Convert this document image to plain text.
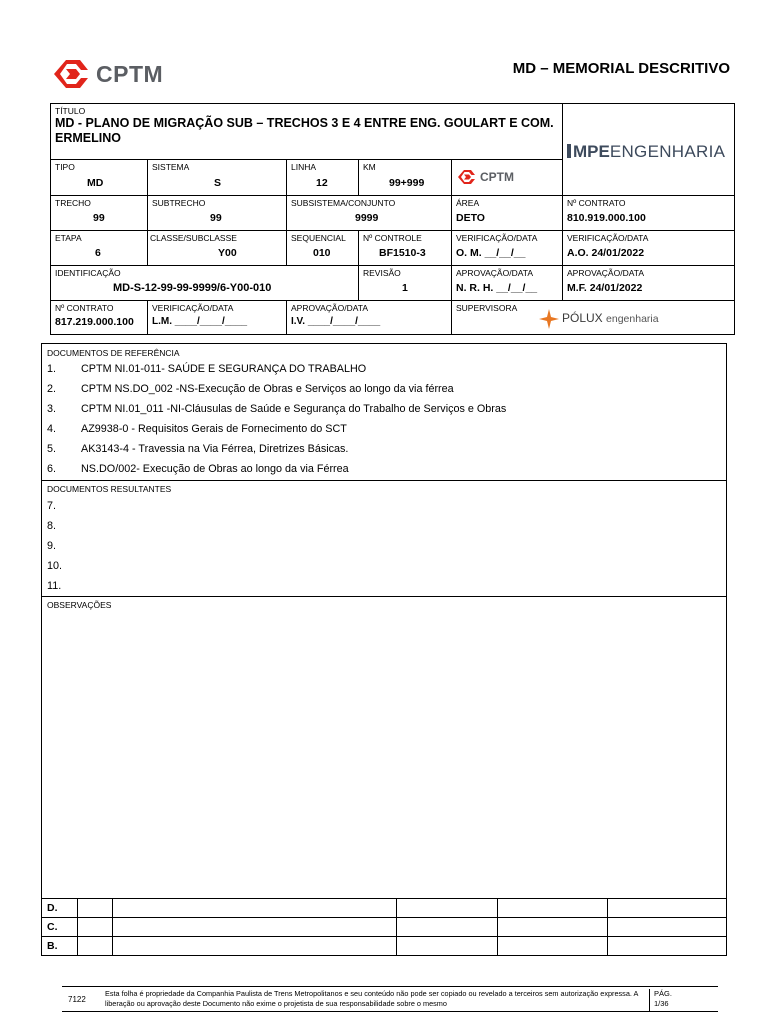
CPTM	MD – MEMORIAL DESCRITIVO
TÍTULO
MD - PLANO DE MIGRAÇÃO SUB – TRECHOS 3 E 4 ENTRE ENG. GOULART E COM. ERMELINO
MPEENGENHARIA
TIPO
MD
SISTEMA
S
LINHA
12
KM
99+999	CPTM
TRECHO
99
SUBTRECHO
99
SUBSISTEMA/CONJUNTO
9999
ÁREA
DETO
Nº CONTRATO
810.919.000.100
ETAPA
6
CLASSE/SUBCLASSE
Y00
SEQUENCIAL
010
Nº CONTROLE
BF1510-3
VERIFICAÇÃO/DATA
O. M. __/__/__
VERIFICAÇÃO/DATA
A.O. 24/01/2022
IDENTIFICAÇÃO
MD-S-12-99-99-9999/6-Y00-010
REVISÃO
1
APROVAÇÃO/DATA
N. R. H. __/__/__
APROVAÇÃO/DATA
M.F. 24/01/2022
Nº CONTRATO
817.219.000.100
VERIFICAÇÃO/DATA
L.M. ____/____/____
APROVAÇÃO/DATA
I.V. ____/____/____
SUPERVISORA
PÓLUX engenharia
DOCUMENTOS DE REFERÊNCIA
1. CPTM NI.01-011- SAÚDE E SEGURANÇA DO TRABALHO
2. CPTM NS.DO_002 -NS-Execução de Obras e Serviços ao longo da via férrea
3. CPTM NI.01_011 -NI-Cláusulas de Saúde e Segurança do Trabalho de Serviços e Obras
4. AZ9938-0 - Requisitos Gerais de Fornecimento do SCT
5. AK3143-4 - Travessia na Via Férrea, Diretrizes Básicas.
6. NS.DO/002- Execução de Obras ao longo da via Férrea
DOCUMENTOS RESULTANTES
7.
8.
9.
10.
11.
OBSERVAÇÕES
D.
C.
B.
7122
Esta folha é propriedade da Companhia Paulista de Trens Metropolitanos e seu conteúdo não pode ser copiado ou revelado a terceiros sem autorização expressa. A liberação ou aprovação deste Documento não exime o projetista de sua responsabilidade sobre o mesmo
PÁG.
1/36
